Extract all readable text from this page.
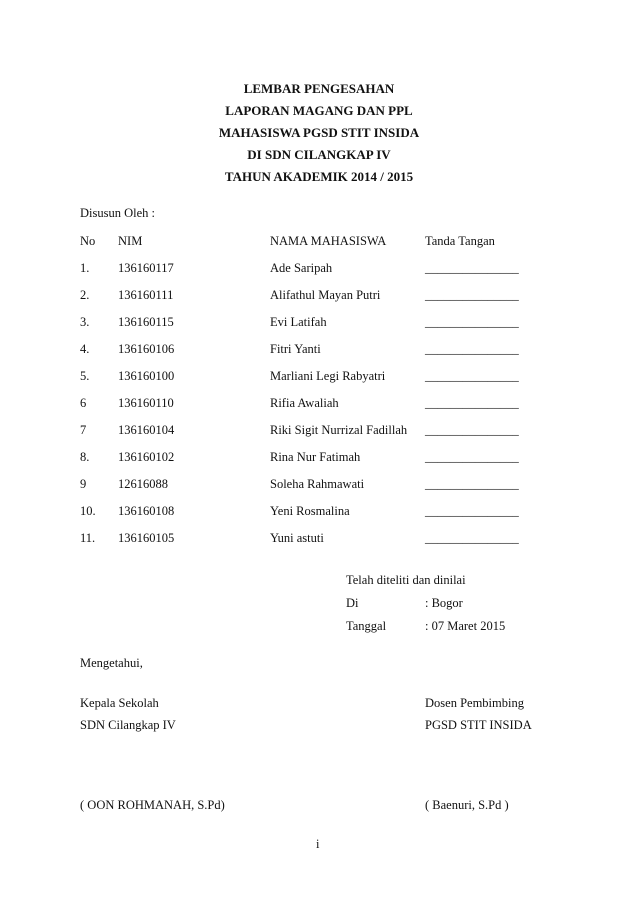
LEMBAR PENGESAHAN
LAPORAN MAGANG DAN PPL
MAHASISWA PGSD STIT INSIDA
DI SDN CILANGKAP IV
TAHUN AKADEMIK 2014 / 2015
Disusun Oleh :
No NIM	NAMA MAHASISWA	Tanda Tangan
1. 136160117	Ade Saripah	_______________
2. 136160111	Alifathul Mayan Putri	_______________
3. 136160115	Evi Latifah	_______________
4. 136160106	Fitri Yanti	_______________
5. 136160100	Marliani Legi Rabyatri	_______________
6	136160110	Rifia Awaliah	_______________
7	136160104	Riki Sigit Nurrizal Fadillah _______________
8. 136160102	Rina Nur Fatimah	_______________
9	12616088	Soleha Rahmawati	_______________
10. 136160108	Yeni Rosmalina	_______________
11. 136160105	Yuni astuti	_______________
Telah diteliti dan dinilai
Di	: Bogor
Tanggal	: 07 Maret 2015
Mengetahui,
Kepala Sekolah
SDN Cilangkap IV
Dosen Pembimbing
PGSD STIT INSIDA
( OON ROHMANAH, S.Pd)	( Baenuri, S.Pd )
i
